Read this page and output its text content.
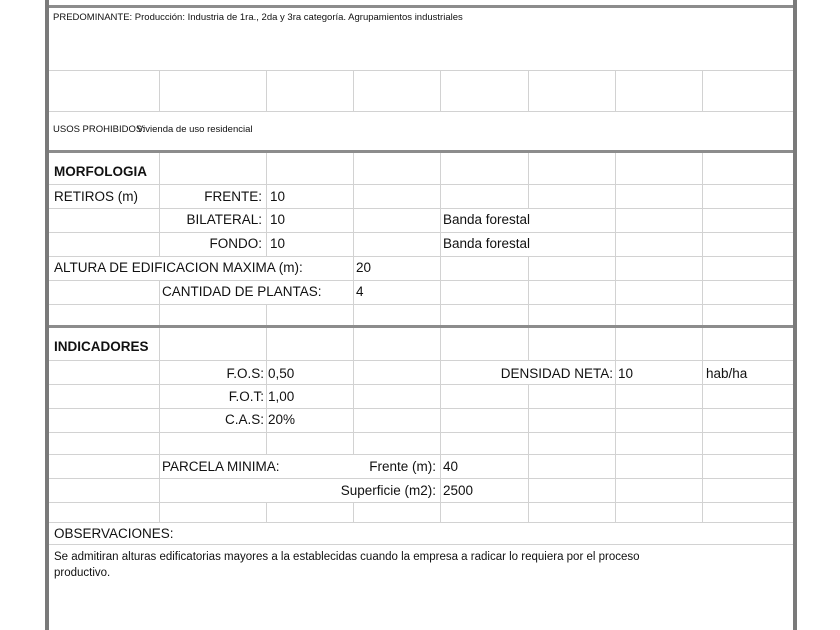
PREDOMINANTE: Producción: Industria de 1ra., 2da y 3ra categoría. Agrupamientos industriales
USOS PROHIBIDOS:
Vivienda de uso residencial
MORFOLOGIA
RETIROS (m)	FRENTE: 10
BILATERAL: 10	Banda forestal
FONDO: 10	Banda forestal
ALTURA DE EDIFICACION MAXIMA (m):	20
CANTIDAD DE PLANTAS:	4
INDICADORES
F.O.S: 0,50	DENSIDAD NETA: 10	hab/ha
F.O.T: 1,00
C.A.S: 20%
PARCELA MINIMA:	Frente (m): 40
Superficie (m2): 2500
OBSERVACIONES:
Se admitiran alturas edificatorias mayores a la establecidas cuando la empresa a radicar lo requiera por el proceso
productivo.
